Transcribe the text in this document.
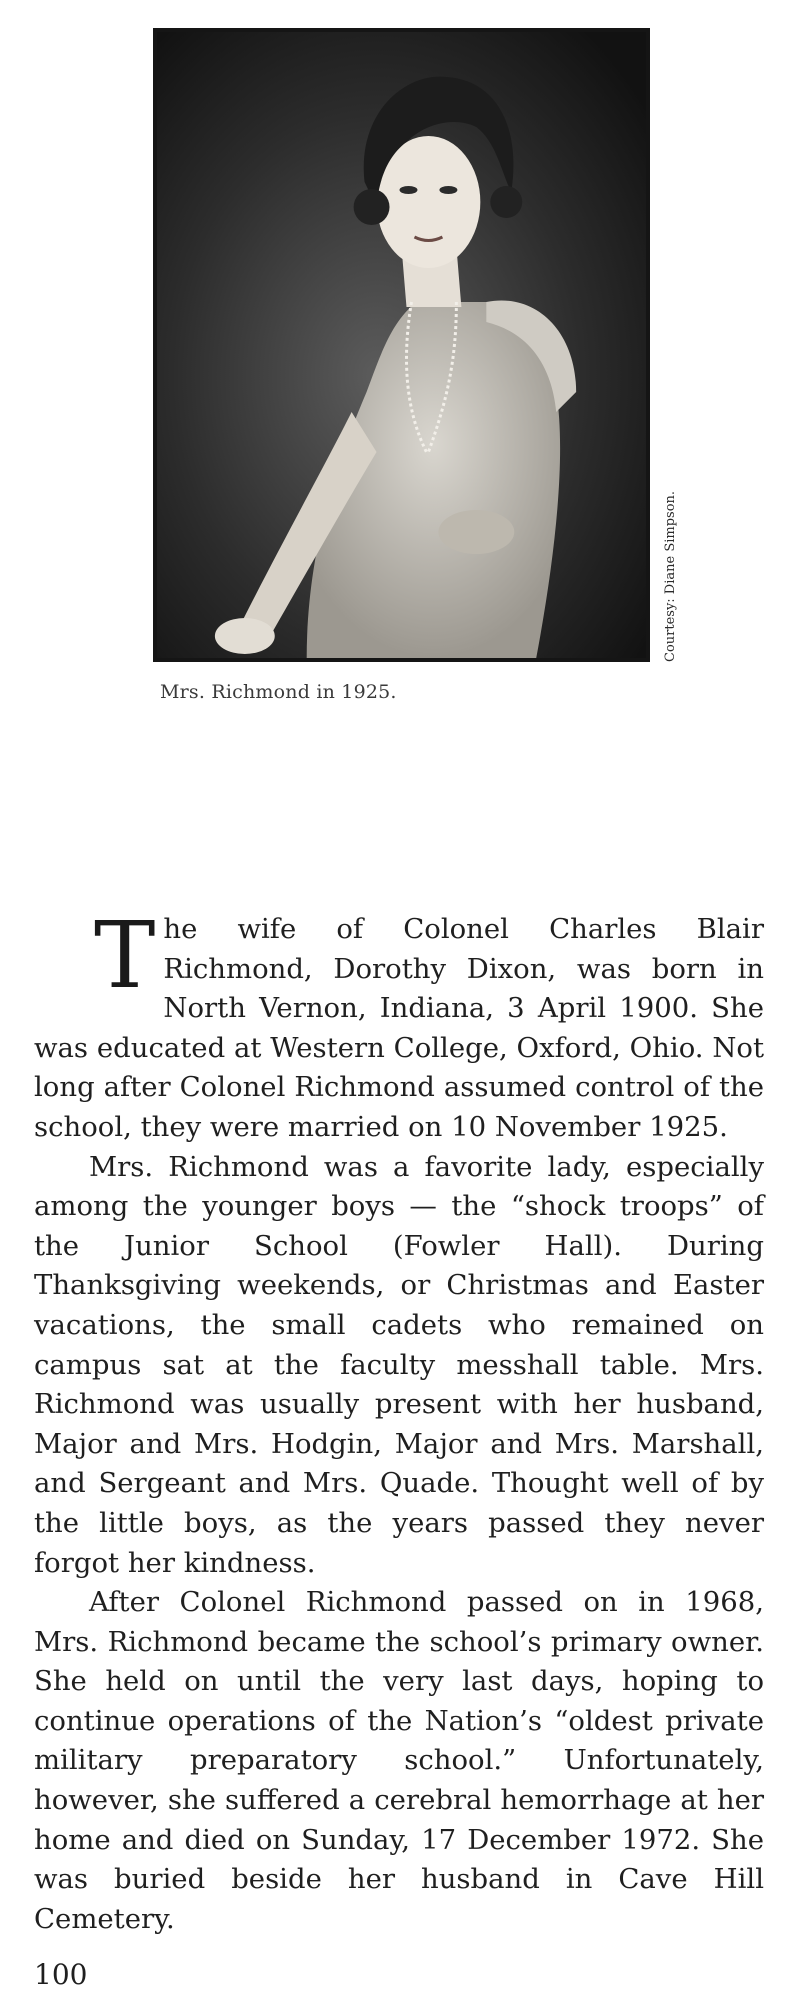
Courtesy: Diane Simpson.
Mrs. Richmond in 1925.

The wife of Colonel Charles Blair Richmond, Dorothy Dixon, was born in North Vernon, Indiana, 3 April 1900. She was educated at Western College, Oxford, Ohio. Not long after Colonel Richmond assumed control of the school, they were married on 10 November 1925.

Mrs. Richmond was a favorite lady, especially among the younger boys — the “shock troops” of the Junior School (Fowler Hall). During Thanksgiving weekends, or Christmas and Easter vacations, the small cadets who remained on campus sat at the faculty messhall table. Mrs. Richmond was usually present with her husband, Major and Mrs. Hodgin, Major and Mrs. Marshall, and Sergeant and Mrs. Quade. Thought well of by the little boys, as the years passed they never forgot her kindness.

After Colonel Richmond passed on in 1968, Mrs. Richmond became the school’s primary owner. She held on until the very last days, hoping to continue operations of the Nation’s “oldest private military preparatory school.” Unfortunately, however, she suffered a cerebral hemorrhage at her home and died on Sunday, 17 December 1972. She was buried beside her husband in Cave Hill Cemetery.

100
